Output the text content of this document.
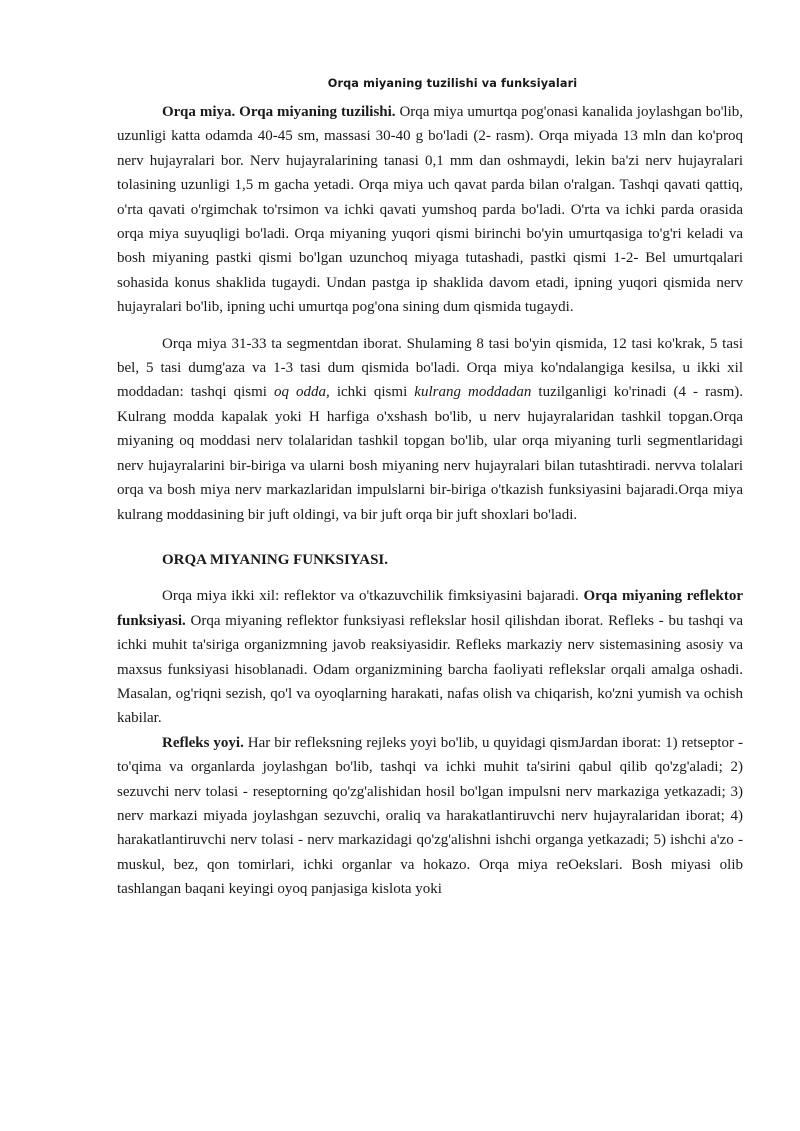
Orqa miyaning tuzilishi va funksiyalari

Orqa miya. Orqa miyaning tuzilishi. Orqa miya umurtqa pog'onasi kanalida joylashgan bo'lib, uzunligi katta odamda 40-45 sm, massasi 30-40 g bo'ladi (2- rasm). Orqa miyada 13 mln dan ko'proq nerv hujayralari bor. Nerv hujayralarining tanasi 0,1 mm dan oshmaydi, lekin ba'zi nerv hujayralari tolasining uzunligi 1,5 m gacha yetadi. Orqa miya uch qavat parda bilan o'ralgan. Tashqi qavati qattiq, o'rta qavati o'rgimchak to'rsimon va ichki qavati yumshoq parda bo'ladi. O'rta va ichki parda orasida orqa miya suyuqligi bo'ladi. Orqa miyaning yuqori qismi birinchi bo'yin umurtqasiga to'g'ri keladi va bosh miyaning pastki qismi bo'lgan uzunchoq miyaga tutashadi, pastki qismi 1-2- Bel umurtqalari sohasida konus shaklida tugaydi. Undan pastga ip shaklida davom etadi, ipning yuqori qismida nerv hujayralari bo'lib, ipning uchi umurtqa pog'ona sining dum qismida tugaydi.

Orqa miya 31-33 ta segmentdan iborat. Shulaming 8 tasi bo'yin qismida, 12 tasi ko'krak, 5 tasi bel, 5 tasi dumg'aza va 1-3 tasi dum qismida bo'ladi. Orqa miya ko'ndalangiga kesilsa, u ikki xil moddadan: tashqi qismi oq odda, ichki qismi kulrang moddadan tuzilganligi ko'rinadi (4 - rasm). Kulrang modda kapalak yoki H harfiga o'xshash bo'lib, u nerv hujayralaridan tashkil topgan.Orqa miyaning oq moddasi nerv tolalaridan tashkil topgan bo'lib, ular orqa miyaning turli segmentlaridagi nerv hujayralarini bir-biriga va ularni bosh miyaning nerv hujayralari bilan tutashtiradi. nervva tolalari orqa va bosh miya nerv markazlaridan impulslarni bir-biriga o'tkazish funksiyasini bajaradi.Orqa miya kulrang moddasining bir juft oldingi, va bir juft orqa bir juft shoxlari bo'ladi.

ORQA MIYANING FUNKSIYASI.

Orqa miya ikki xil: reflektor va o'tkazuvchilik fimksiyasini bajaradi. Orqa miyaning reflektor funksiyasi. Orqa miyaning reflektor funksiyasi reflekslar hosil qilishdan iborat. Refleks - bu tashqi va ichki muhit ta'siriga organizmning javob reaksiyasidir. Refleks markaziy nerv sistemasining asosiy va maxsus funksiyasi hisoblanadi. Odam organizmining barcha faoliyati reflekslar orqali amalga oshadi. Masalan, og'riqni sezish, qo'l va oyoqlarning harakati, nafas olish va chiqarish, ko'zni yumish va ochish kabilar.

Refleks yoyi. Har bir refleksning rejleks yoyi bo'lib, u quyidagi qismJardan iborat: 1) retseptor - to'qima va organlarda joylashgan bo'lib, tashqi va ichki muhit ta'sirini qabul qilib qo'zg'aladi; 2) sezuvchi nerv tolasi - reseptorning qo'zg'alishidan hosil bo'lgan impulsni nerv markaziga yetkazadi; 3) nerv markazi miyada joylashgan sezuvchi, oraliq va harakatlantiruvchi nerv hujayralaridan iborat; 4) harakatlantiruvchi nerv tolasi - nerv markazidagi qo'zg'alishni ishchi organga yetkazadi; 5) ishchi a'zo - muskul, bez, qon tomirlari, ichki organlar va hokazo. Orqa miya reOekslari. Bosh miyasi olib tashlangan baqani keyingi oyoq panjasiga kislota yoki
